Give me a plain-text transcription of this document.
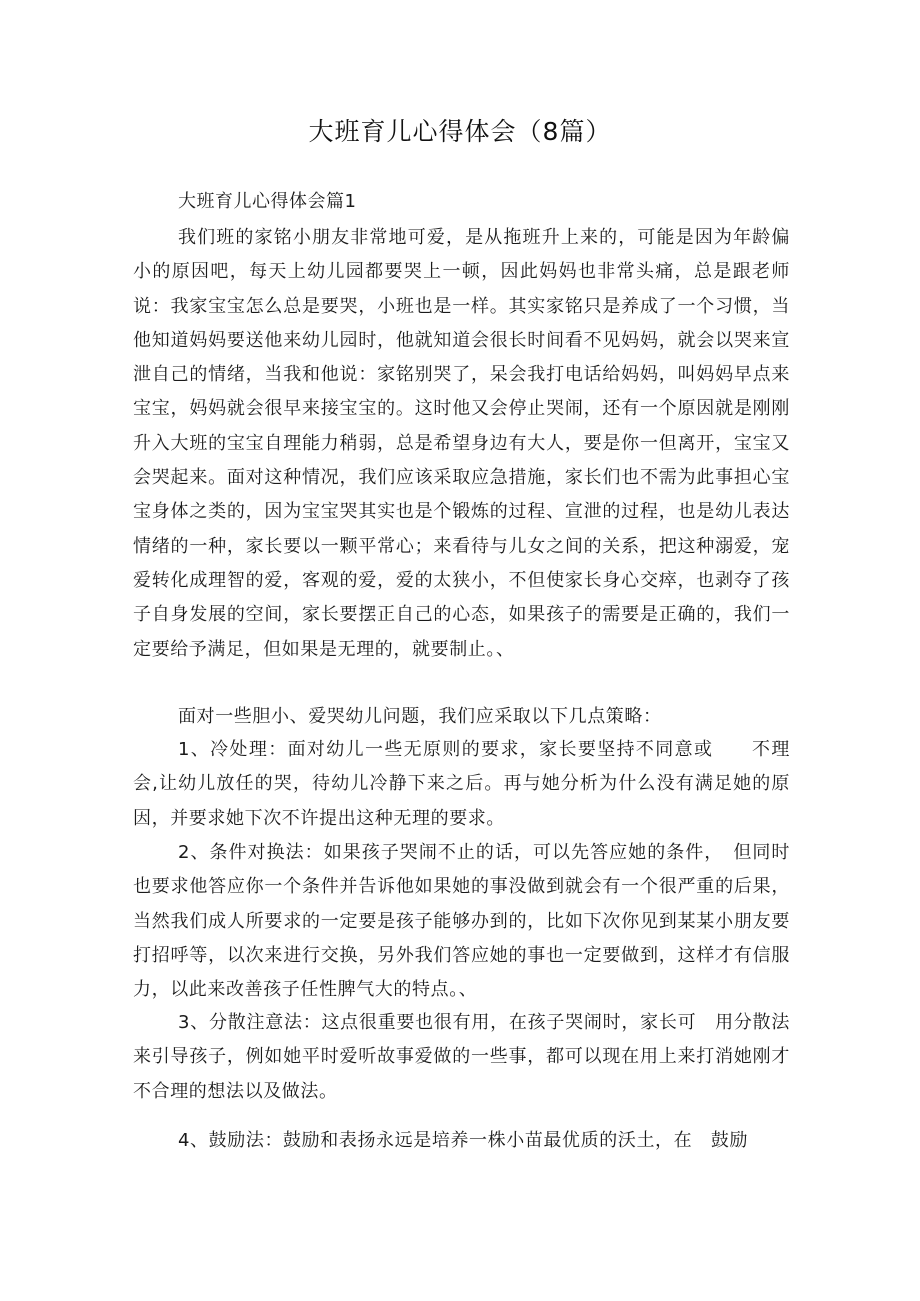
大班育儿心得体会（8篇）
大班育儿心得体会篇1

我们班的家铭小朋友非常地可爱，是从拖班升上来的，可能是因为年龄偏小的原因吧，每天上幼儿园都要哭上一顿，因此妈妈也非常头痛，总是跟老师说：我家宝宝怎么总是要哭，小班也是一样。其实家铭只是养成了一个习惯，当他知道妈妈要送他来幼儿园时，他就知道会很长时间看不见妈妈，就会以哭来宣泄自己的情绪，当我和他说：家铭别哭了，呆会我打电话给妈妈，叫妈妈早点来宝宝，妈妈就会很早来接宝宝的。这时他又会停止哭闹，还有一个原因就是刚刚升入大班的宝宝自理能力稍弱，总是希望身边有大人，要是你一但离开，宝宝又会哭起来。面对这种情况，我们应该采取应急措施，家长们也不需为此事担心宝宝身体之类的，因为宝宝哭其实也是个锻炼的过程、宣泄的过程，也是幼儿表达情绪的一种，家长要以一颗平常心；来看待与儿女之间的关系，把这种溺爱，宠爱转化成理智的爱，客观的爱，爱的太狭小，不但使家长身心交瘁，也剥夺了孩子自身发展的空间，家长要摆正自己的心态，如果孩子的需要是正确的，我们一定要给予满足，但如果是无理的，就要制止。、

面对一些胆小、爱哭幼儿问题，我们应采取以下几点策略：

1、冷处理：面对幼儿一些无原则的要求，家长要坚持不同意或　　不理会,让幼儿放任的哭，待幼儿冷静下来之后。再与她分析为什么没有满足她的原因，并要求她下次不许提出这种无理的要求。

2、条件对换法：如果孩子哭闹不止的话，可以先答应她的条件，　但同时也要求他答应你一个条件并告诉他如果她的事没做到就会有一个很严重的后果，当然我们成人所要求的一定要是孩子能够办到的，比如下次你见到某某小朋友要打招呼等，以次来进行交换，另外我们答应她的事也一定要做到，这样才有信服力，以此来改善孩子任性脾气大的特点。、

3、分散注意法：这点很重要也很有用，在孩子哭闹时，家长可　用分散法来引导孩子，例如她平时爱听故事爱做的一些事，都可以现在用上来打消她刚才不合理的想法以及做法。

4、鼓励法：鼓励和表扬永远是培养一株小苗最优质的沃土，在　鼓励
